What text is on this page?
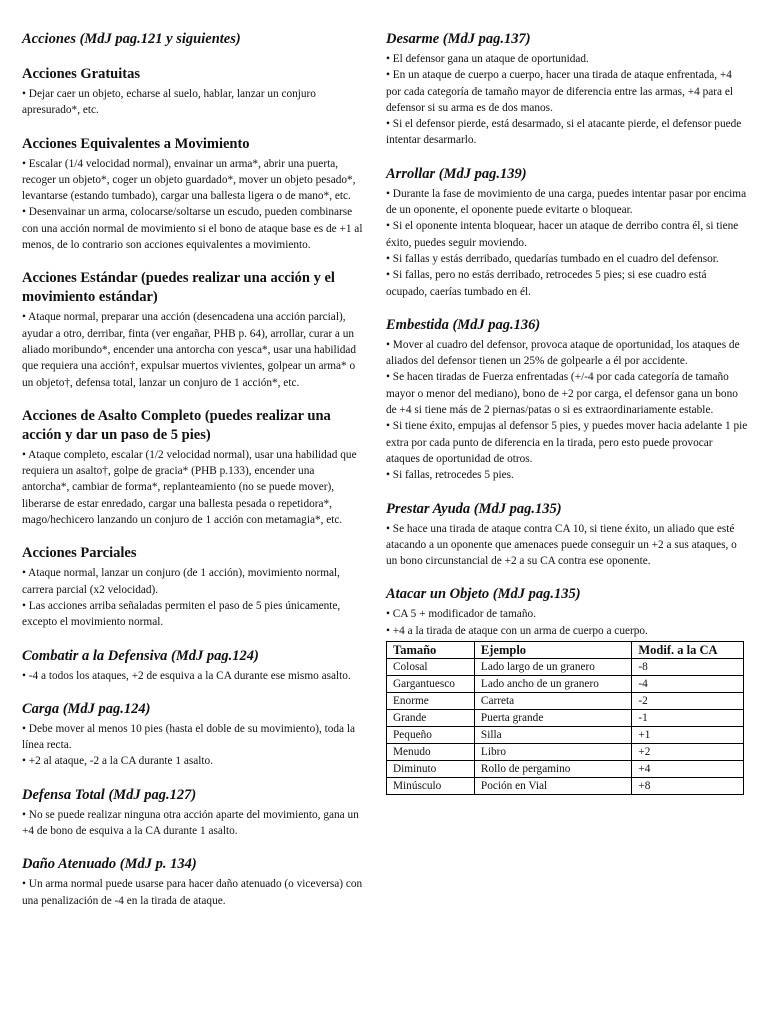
Acciones (MdJ pag.121 y siguientes)
Acciones Gratuitas

• Dejar caer un objeto, echarse al suelo, hablar, lanzar un conjuro apresurado*, etc.

Acciones Equivalentes a Movimiento

• Escalar (1/4 velocidad normal), envainar un arma*, abrir una puerta, recoger un objeto*, coger un objeto guardado*, mover un objeto pesado*, levantarse (estando tumbado), cargar una ballesta ligera o de mano*, etc.

• Desenvainar un arma, colocarse/soltarse un escudo, pueden combinarse con una acción normal de movimiento si el bono de ataque base es de +1 al menos, de lo contrario son acciones equivalentes a movimiento.

Acciones Estándar (puedes realizar una acción y el movimiento estándar)

• Ataque normal, preparar una acción (desencadena una acción parcial), ayudar a otro, derribar, finta (ver engañar, PHB p. 64), arrollar, curar a un aliado moribundo*, encender una antorcha con yesca*, usar una habilidad que requiera una acción†, expulsar muertos vivientes, golpear un arma* o un objeto†, defensa total, lanzar un conjuro de 1 acción*, etc.

Acciones de Asalto Completo (puedes realizar una acción y dar un paso de 5 pies)

• Ataque completo, escalar (1/2 velocidad normal), usar una habilidad que requiera un asalto†, golpe de gracia* (PHB p.133), encender una antorcha*, cambiar de forma*, replanteamiento (no se puede mover), liberarse de estar enredado, cargar una ballesta pesada o repetidora*, mago/hechicero lanzando un conjuro de 1 acción con metamagia*, etc.

Acciones Parciales

• Ataque normal, lanzar un conjuro (de 1 acción), movimiento normal, carrera parcial (x2 velocidad).

• Las acciones arriba señaladas permiten el paso de 5 pies únicamente, excepto el movimiento normal.

Combatir a la Defensiva (MdJ pag.124)

• -4 a todos los ataques, +2 de esquiva a la CA durante ese mismo asalto.

Carga (MdJ pag.124)

• Debe mover al menos 10 pies (hasta el doble de su movimiento), toda la línea recta.

• +2 al ataque, -2 a la CA durante 1 asalto.

Defensa Total (MdJ pag.127)

• No se puede realizar ninguna otra acción aparte del movimiento, gana un +4 de bono de esquiva a la CA durante 1 asalto.

Daño Atenuado (MdJ p. 134)

• Un arma normal puede usarse para hacer daño atenuado (o viceversa) con una penalización de -4 en la tirada de ataque.

Desarme (MdJ pag.137)

• El defensor gana un ataque de oportunidad.

• En un ataque de cuerpo a cuerpo, hacer una tirada de ataque enfrentada, +4 por cada categoría de tamaño mayor de diferencia entre las armas, +4 para el defensor si su arma es de dos manos.

• Si el defensor pierde, está desarmado, si el atacante pierde, el defensor puede intentar desarmarlo.

Arrollar (MdJ pag.139)

• Durante la fase de movimiento de una carga, puedes intentar pasar por encima de un oponente, el oponente puede evitarte o bloquear.

• Si el oponente intenta bloquear, hacer un ataque de derribo contra él, si tiene éxito, puedes seguir moviendo.

• Si fallas y estás derribado, quedarías tumbado en el cuadro del defensor.

• Si fallas, pero no estás derribado, retrocedes 5 pies; si ese cuadro está ocupado, caerías tumbado en él.

Embestida (MdJ pag.136)

• Mover al cuadro del defensor, provoca ataque de oportunidad, los ataques de aliados del defensor tienen un 25% de golpearle a él por accidente.

• Se hacen tiradas de Fuerza enfrentadas (+/-4 por cada categoría de tamaño mayor o menor del mediano), bono de +2 por carga, el defensor gana un bono de +4 si tiene más de 2 piernas/patas o si es extraordinariamente estable.

• Si tiene éxito, empujas al defensor 5 pies, y puedes mover hacia adelante 1 pie extra por cada punto de diferencia en la tirada, pero esto puede provocar ataques de oportunidad de otros.

• Si fallas, retrocedes 5 pies.

Prestar Ayuda (MdJ pag.135)

• Se hace una tirada de ataque contra CA 10, si tiene éxito, un aliado que esté atacando a un oponente que amenaces puede conseguir un +2 a sus ataques, o un bono circunstancial de +2 a su CA contra ese oponente.

Atacar un Objeto (MdJ pag.135)

• CA 5 + modificador de tamaño.

• +4 a la tirada de ataque con un arma de cuerpo a cuerpo.

Tamaño	Ejemplo	Modif. a la CA
Colosal	Lado largo de un granero	-8
Gargantuesco	Lado ancho de un granero	-4
Enorme	Carreta	-2
Grande	Puerta grande	-1
Pequeño	Silla	+1
Menudo	Libro	+2
Diminuto	Rollo de pergamino	+4
Minúsculo	Poción en Vial	+8
